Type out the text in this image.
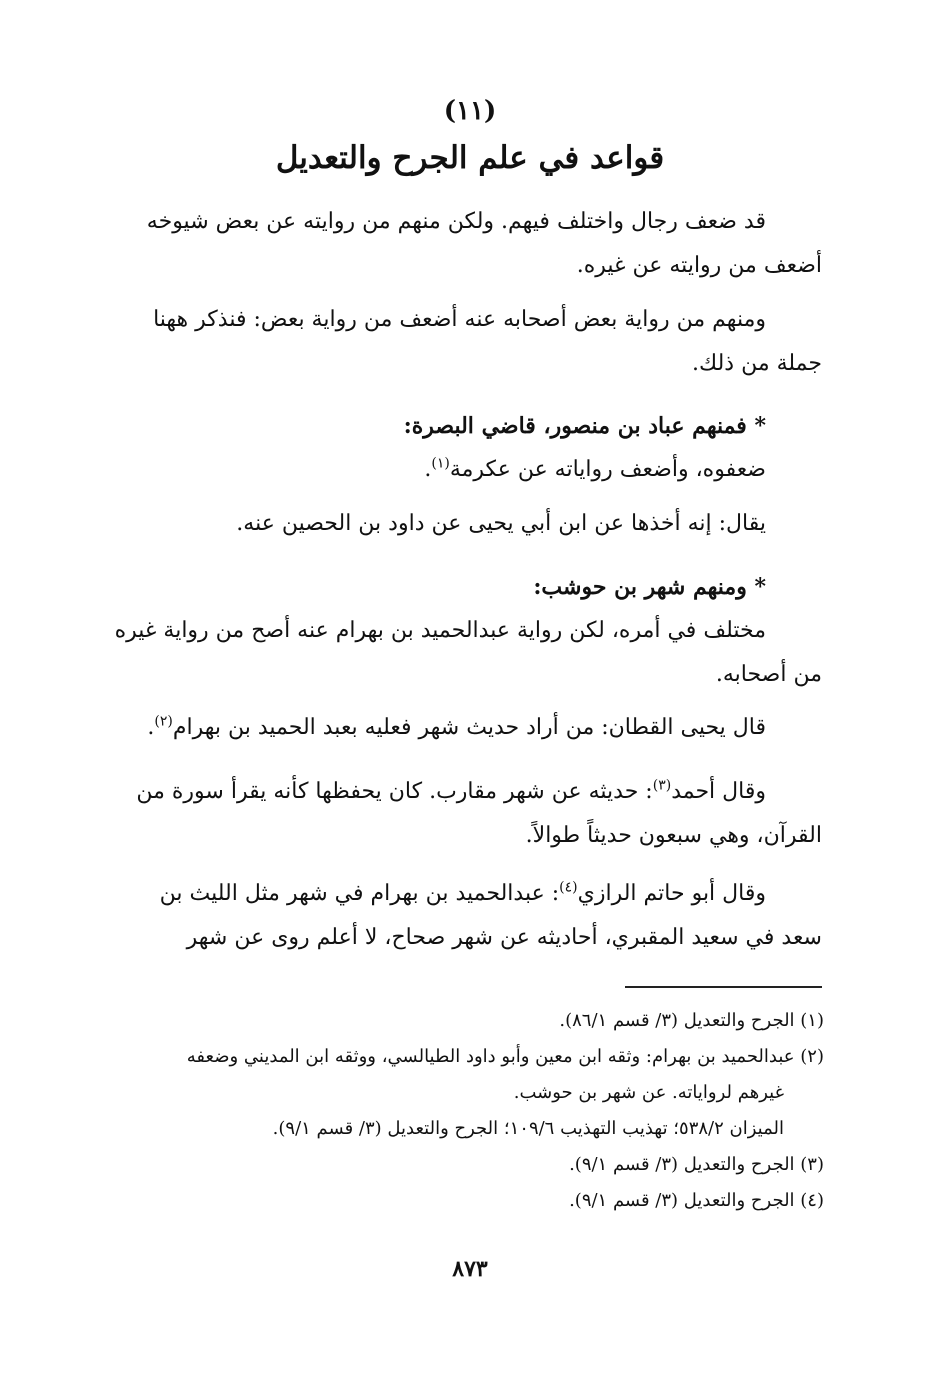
(١١)
قواعد في علم الجرح والتعديل
قد ضعف رجال واختلف فيهم. ولكن منهم من روايته عن بعض شيوخه
أضعف من روايته عن غيره.
ومنهم من رواية بعض أصحابه عنه أضعف من رواية بعض: فنذكر ههنا
جملة من ذلك.
* فمنهم عباد بن منصور، قاضي البصرة:
ضعفوه، وأضعف رواياته عن عكرمة$^{(١)}$.
يقال: إنه أخذها عن ابن أبي يحيى عن داود بن الحصين عنه.
* ومنهم شهر بن حوشب:
مختلف في أمره، لكن رواية عبدالحميد بن بهرام عنه أصح من رواية غيره
من أصحابه.
قال يحيى القطان: من أراد حديث شهر فعليه بعبد الحميد بن بهرام$^{(٢)}$.
وقال أحمد$^{(٣)}$: حديثه عن شهر مقارب. كان يحفظها كأنه يقرأ سورة من
القرآن، وهي سبعون حديثاً طوالاً.
وقال أبو حاتم الرازي$^{(٤)}$: عبدالحميد بن بهرام في شهر مثل الليث بن
سعد في سعيد المقبري، أحاديثه عن شهر صحاح، لا أعلم روى عن شهر
(١) الجرح والتعديل (٣/ قسم ٨٦/١).
(٢) عبدالحميد بن بهرام: وثقه ابن معين وأبو داود الطيالسي، ووثقه ابن المديني وضعفه
غيرهم لرواياته. عن شهر بن حوشب.
الميزان ٥٣٨/٢؛ تهذيب التهذيب ١٠٩/٦؛ الجرح والتعديل (٣/ قسم ٩/١).
(٣) الجرح والتعديل (٣/ قسم ٩/١).
(٤) الجرح والتعديل (٣/ قسم ٩/١).
٨٧٣
